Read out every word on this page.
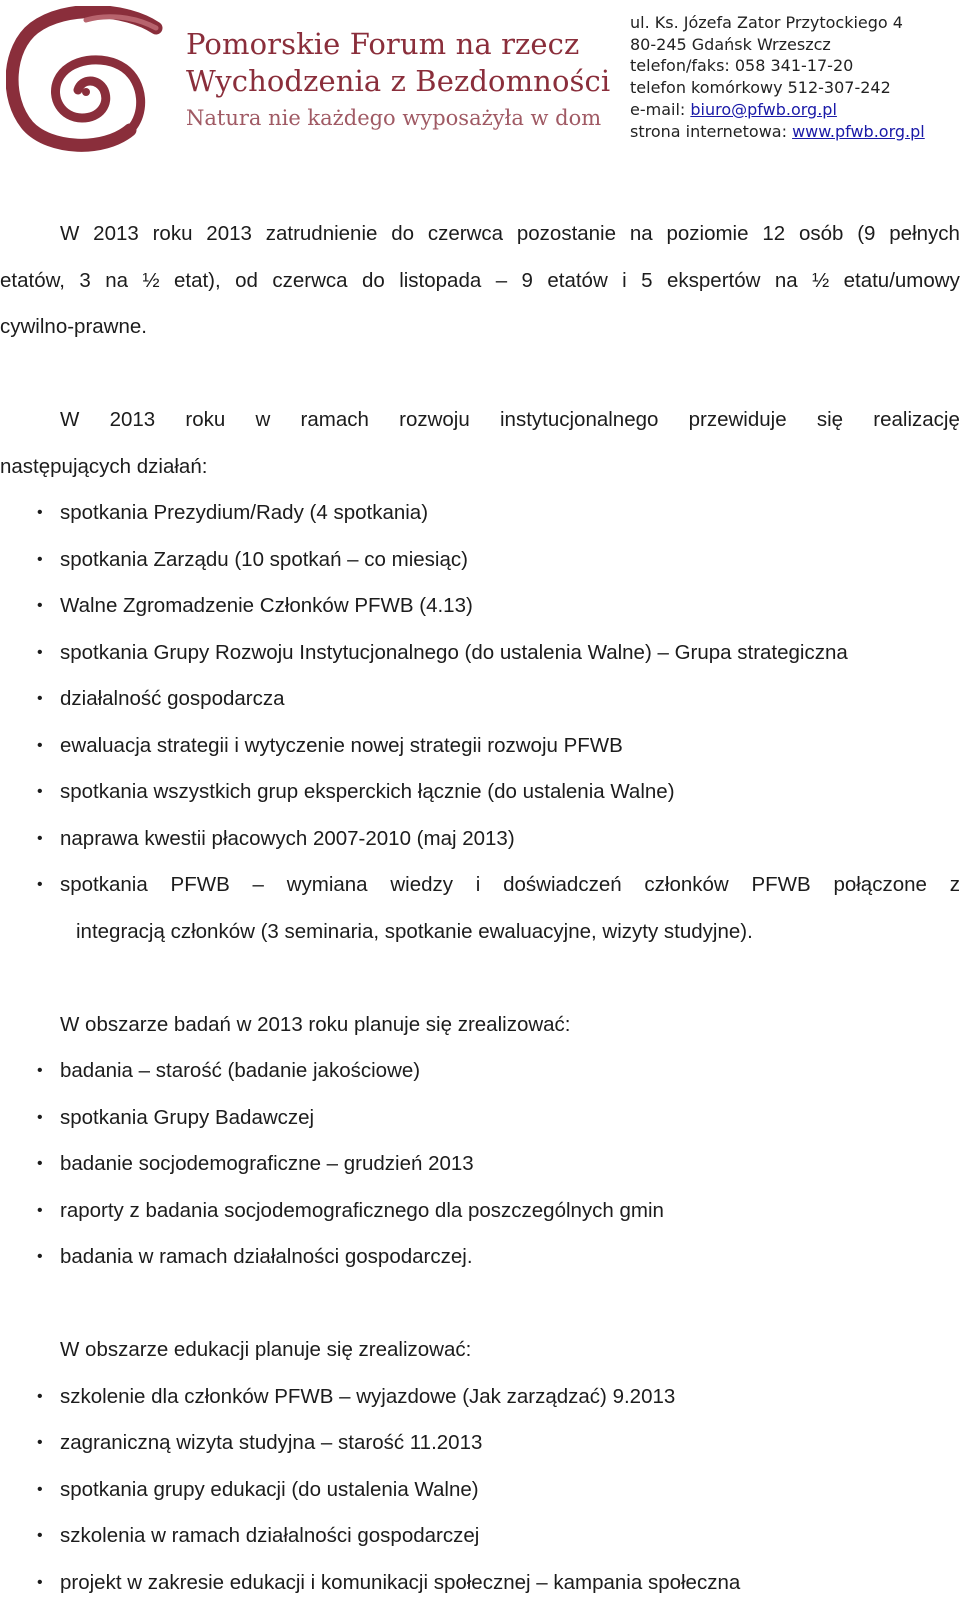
Pomorskie Forum na rzecz
Wychodzenia z Bezdomności
Natura nie każdego wyposażyła w dom
ul. Ks. Józefa Zator Przytockiego 4
80-245 Gdańsk Wrzeszcz
telefon/faks: 058 341-17-20
telefon komórkowy 512-307-242
e-mail: biuro@pfwb.org.pl
strona internetowa: www.pfwb.org.pl
W 2013 roku 2013 zatrudnienie do czerwca pozostanie na poziomie 12 osób (9 pełnych
etatów, 3 na ½ etat), od czerwca do listopada – 9 etatów i 5 ekspertów na ½ etatu/umowy
cywilno-prawne.
W 2013 roku w ramach rozwoju instytucjonalnego przewiduje się realizację
następujących działań:
• spotkania Prezydium/Rady (4 spotkania)
• spotkania Zarządu (10 spotkań – co miesiąc)
• Walne Zgromadzenie Członków PFWB (4.13)
• spotkania Grupy Rozwoju Instytucjonalnego (do ustalenia Walne) – Grupa strategiczna
• działalność gospodarcza
• ewaluacja strategii i wytyczenie nowej strategii rozwoju PFWB
• spotkania wszystkich grup eksperckich łącznie (do ustalenia Walne)
• naprawa kwestii płacowych 2007-2010 (maj 2013)
• spotkania PFWB – wymiana wiedzy i doświadczeń członków PFWB połączone z
integracją członków (3 seminaria, spotkanie ewaluacyjne, wizyty studyjne).
W obszarze badań w 2013 roku planuje się zrealizować:
• badania – starość (badanie jakościowe)
• spotkania Grupy Badawczej
• badanie socjodemograficzne – grudzień 2013
• raporty z badania socjodemograficznego dla poszczególnych gmin
• badania w ramach działalności gospodarczej.
W obszarze edukacji planuje się zrealizować:
• szkolenie dla członków PFWB – wyjazdowe (Jak zarządzać) 9.2013
• zagraniczną wizyta studyjna – starość 11.2013
• spotkania grupy edukacji (do ustalenia Walne)
• szkolenia w ramach działalności gospodarczej
• projekt w zakresie edukacji i komunikacji społecznej – kampania społeczna
